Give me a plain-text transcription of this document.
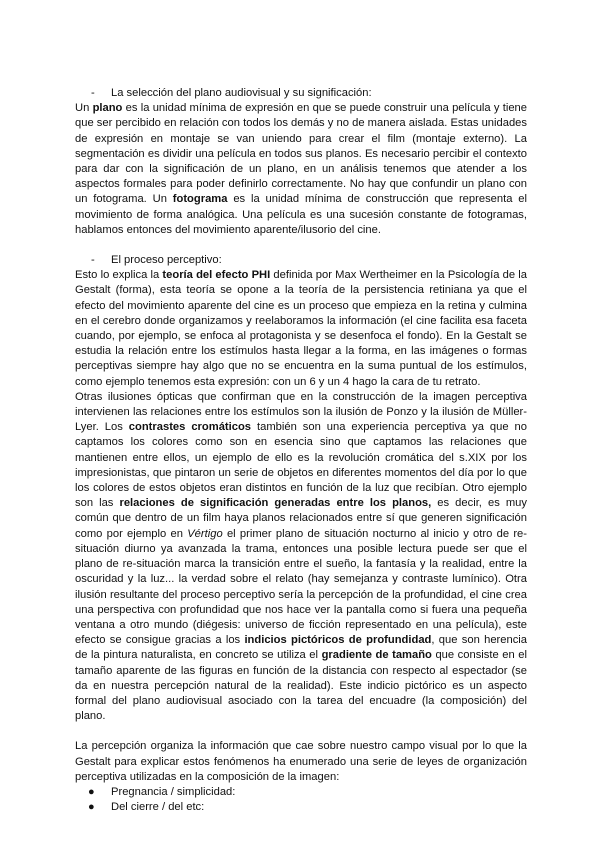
- La selección del plano audiovisual y su significación:

Un plano es la unidad mínima de expresión en que se puede construir una película y tiene que ser percibido en relación con todos los demás y no de manera aislada. Estas unidades de expresión en montaje se van uniendo para crear el film (montaje externo). La segmentación es dividir una película en todos sus planos. Es necesario percibir el contexto para dar con la significación de un plano, en un análisis tenemos que atender a los aspectos formales para poder definirlo correctamente. No hay que confundir un plano con un fotograma. Un fotograma es la unidad mínima de construcción que representa el movimiento de forma analógica. Una película es una sucesión constante de fotogramas, hablamos entonces del movimiento aparente/ilusorio del cine.

- El proceso perceptivo:

Esto lo explica la teoría del efecto PHI definida por Max Wertheimer en la Psicología de la Gestalt (forma), esta teoría se opone a la teoría de la persistencia retiniana ya que el efecto del movimiento aparente del cine es un proceso que empieza en la retina y culmina en el cerebro donde organizamos y reelaboramos la información (el cine facilita esa faceta cuando, por ejemplo, se enfoca al protagonista y se desenfoca el fondo). En la Gestalt se estudia la relación entre los estímulos hasta llegar a la forma, en las imágenes o formas perceptivas siempre hay algo que no se encuentra en la suma puntual de los estímulos, como ejemplo tenemos esta expresión: con un 6 y un 4 hago la cara de tu retrato.

Otras ilusiones ópticas que confirman que en la construcción de la imagen perceptiva intervienen las relaciones entre los estímulos son la ilusión de Ponzo y la ilusión de Müller-Lyer. Los contrastes cromáticos también son una experiencia perceptiva ya que no captamos los colores como son en esencia sino que captamos las relaciones que mantienen entre ellos, un ejemplo de ello es la revolución cromática del s.XIX por los impresionistas, que pintaron un serie de objetos en diferentes momentos del día por lo que los colores de estos objetos eran distintos en función de la luz que recibían. Otro ejemplo son las relaciones de significación generadas entre los planos, es decir, es muy común que dentro de un film haya planos relacionados entre sí que generen significación como por ejemplo en Vértigo el primer plano de situación nocturno al inicio y otro de re-situación diurno ya avanzada la trama, entonces una posible lectura puede ser que el plano de re-situación marca la transición entre el sueño, la fantasía y la realidad, entre la oscuridad y la luz... la verdad sobre el relato (hay semejanza y contraste lumínico). Otra ilusión resultante del proceso perceptivo sería la percepción de la profundidad, el cine crea una perspectiva con profundidad que nos hace ver la pantalla como si fuera una pequeña ventana a otro mundo (diégesis: universo de ficción representado en una película), este efecto se consigue gracias a los indicios pictóricos de profundidad, que son herencia de la pintura naturalista, en concreto se utiliza el gradiente de tamaño que consiste en el tamaño aparente de las figuras en función de la distancia con respecto al espectador (se da en nuestra percepción natural de la realidad). Este indicio pictórico es un aspecto formal del plano audiovisual asociado con la tarea del encuadre (la composición) del plano.

La percepción organiza la información que cae sobre nuestro campo visual por lo que la Gestalt para explicar estos fenómenos ha enumerado una serie de leyes de organización perceptiva utilizadas en la composición de la imagen:

● Pregnancia / simplicidad:
● Del cierre / del etc:
